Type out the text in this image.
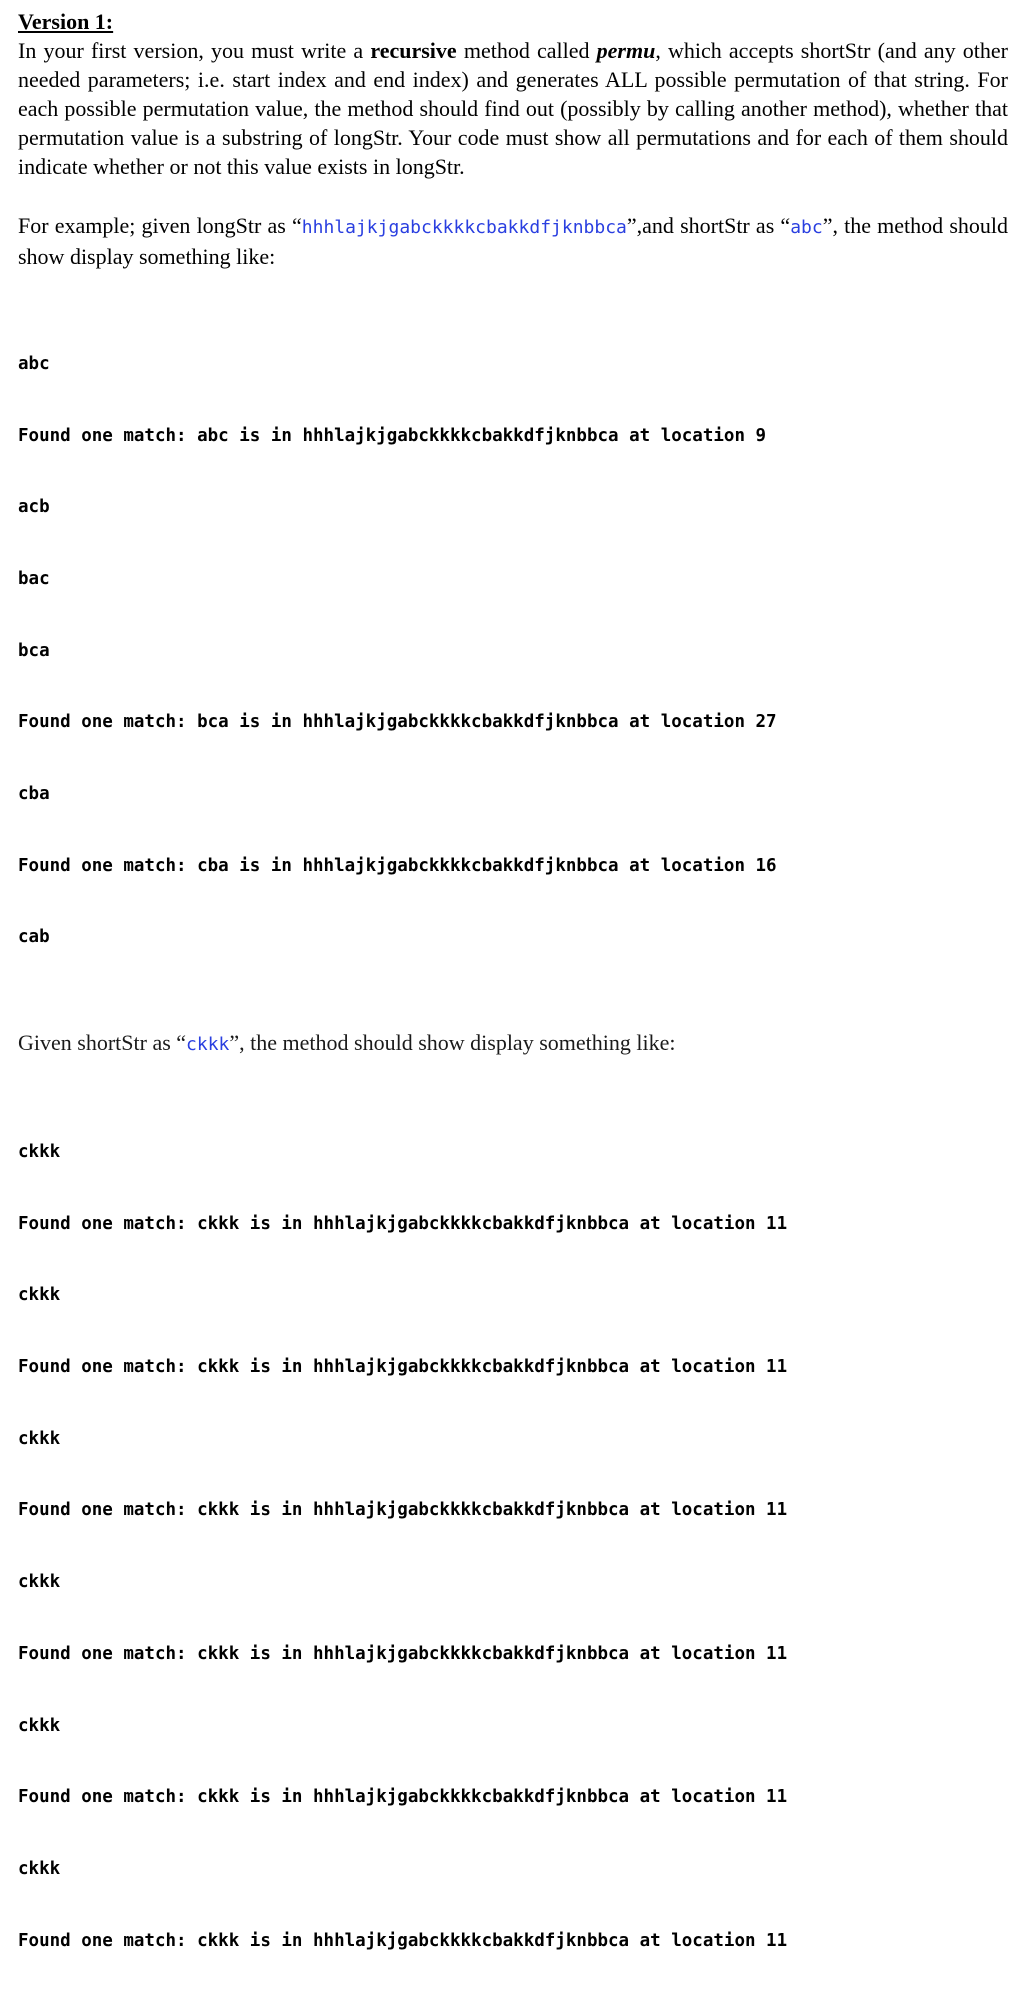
Version 1:

In your first version, you must write a recursive method called permu, which accepts shortStr (and any other needed parameters; i.e. start index and end index) and generates ALL possible permutation of that string. For each possible permutation value, the method should find out (possibly by calling another method), whether that permutation value is a substring of longStr. Your code must show all permutations and for each of them should indicate whether or not this value exists in longStr.

For example; given longStr as “hhhlajkjgabckkkkcbakkdfjknbbca”,and shortStr as “abc”, the method should show display something like:

abc

Found one match: abc is in hhhlajkjgabckkkkcbakkdfjknbbca at location 9

acb

bac

bca

Found one match: bca is in hhhlajkjgabckkkkcbakkdfjknbbca at location 27

cba

Found one match: cba is in hhhlajkjgabckkkkcbakkdfjknbbca at location 16

cab

Given shortStr as “ckkk”, the method should show display something like:

ckkk

Found one match: ckkk is in hhhlajkjgabckkkkcbakkdfjknbbca at location 11

ckkk

Found one match: ckkk is in hhhlajkjgabckkkkcbakkdfjknbbca at location 11

ckkk

Found one match: ckkk is in hhhlajkjgabckkkkcbakkdfjknbbca at location 11

ckkk

Found one match: ckkk is in hhhlajkjgabckkkkcbakkdfjknbbca at location 11

ckkk

Found one match: ckkk is in hhhlajkjgabckkkkcbakkdfjknbbca at location 11

ckkk

Found one match: ckkk is in hhhlajkjgabckkkkcbakkdfjknbbca at location 11
